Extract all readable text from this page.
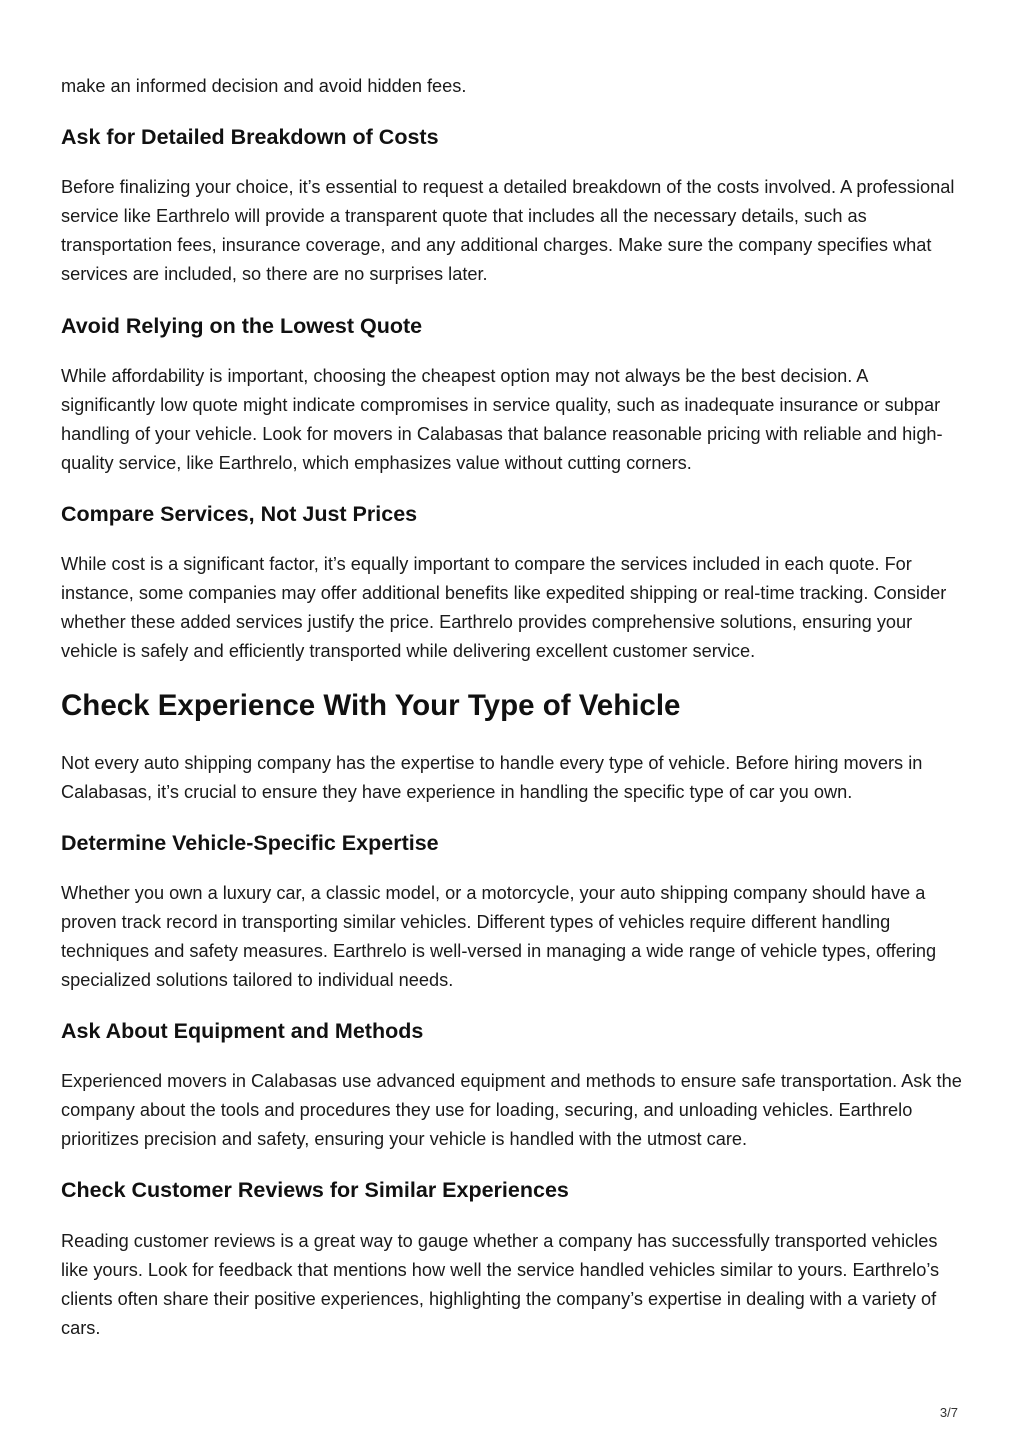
make an informed decision and avoid hidden fees.

Ask for Detailed Breakdown of Costs

Before finalizing your choice, it’s essential to request a detailed breakdown of the costs involved. A professional service like Earthrelo will provide a transparent quote that includes all the necessary details, such as transportation fees, insurance coverage, and any additional charges. Make sure the company specifies what services are included, so there are no surprises later.

Avoid Relying on the Lowest Quote

While affordability is important, choosing the cheapest option may not always be the best decision. A significantly low quote might indicate compromises in service quality, such as inadequate insurance or subpar handling of your vehicle. Look for movers in Calabasas that balance reasonable pricing with reliable and high-quality service, like Earthrelo, which emphasizes value without cutting corners.

Compare Services, Not Just Prices

While cost is a significant factor, it’s equally important to compare the services included in each quote. For instance, some companies may offer additional benefits like expedited shipping or real-time tracking. Consider whether these added services justify the price. Earthrelo provides comprehensive solutions, ensuring your vehicle is safely and efficiently transported while delivering excellent customer service.

Check Experience With Your Type of Vehicle

Not every auto shipping company has the expertise to handle every type of vehicle. Before hiring movers in Calabasas, it’s crucial to ensure they have experience in handling the specific type of car you own.

Determine Vehicle-Specific Expertise

Whether you own a luxury car, a classic model, or a motorcycle, your auto shipping company should have a proven track record in transporting similar vehicles. Different types of vehicles require different handling techniques and safety measures. Earthrelo is well-versed in managing a wide range of vehicle types, offering specialized solutions tailored to individual needs.

Ask About Equipment and Methods

Experienced movers in Calabasas use advanced equipment and methods to ensure safe transportation. Ask the company about the tools and procedures they use for loading, securing, and unloading vehicles. Earthrelo prioritizes precision and safety, ensuring your vehicle is handled with the utmost care.

Check Customer Reviews for Similar Experiences

Reading customer reviews is a great way to gauge whether a company has successfully transported vehicles like yours. Look for feedback that mentions how well the service handled vehicles similar to yours. Earthrelo’s clients often share their positive experiences, highlighting the company’s expertise in dealing with a variety of cars.

3/7
